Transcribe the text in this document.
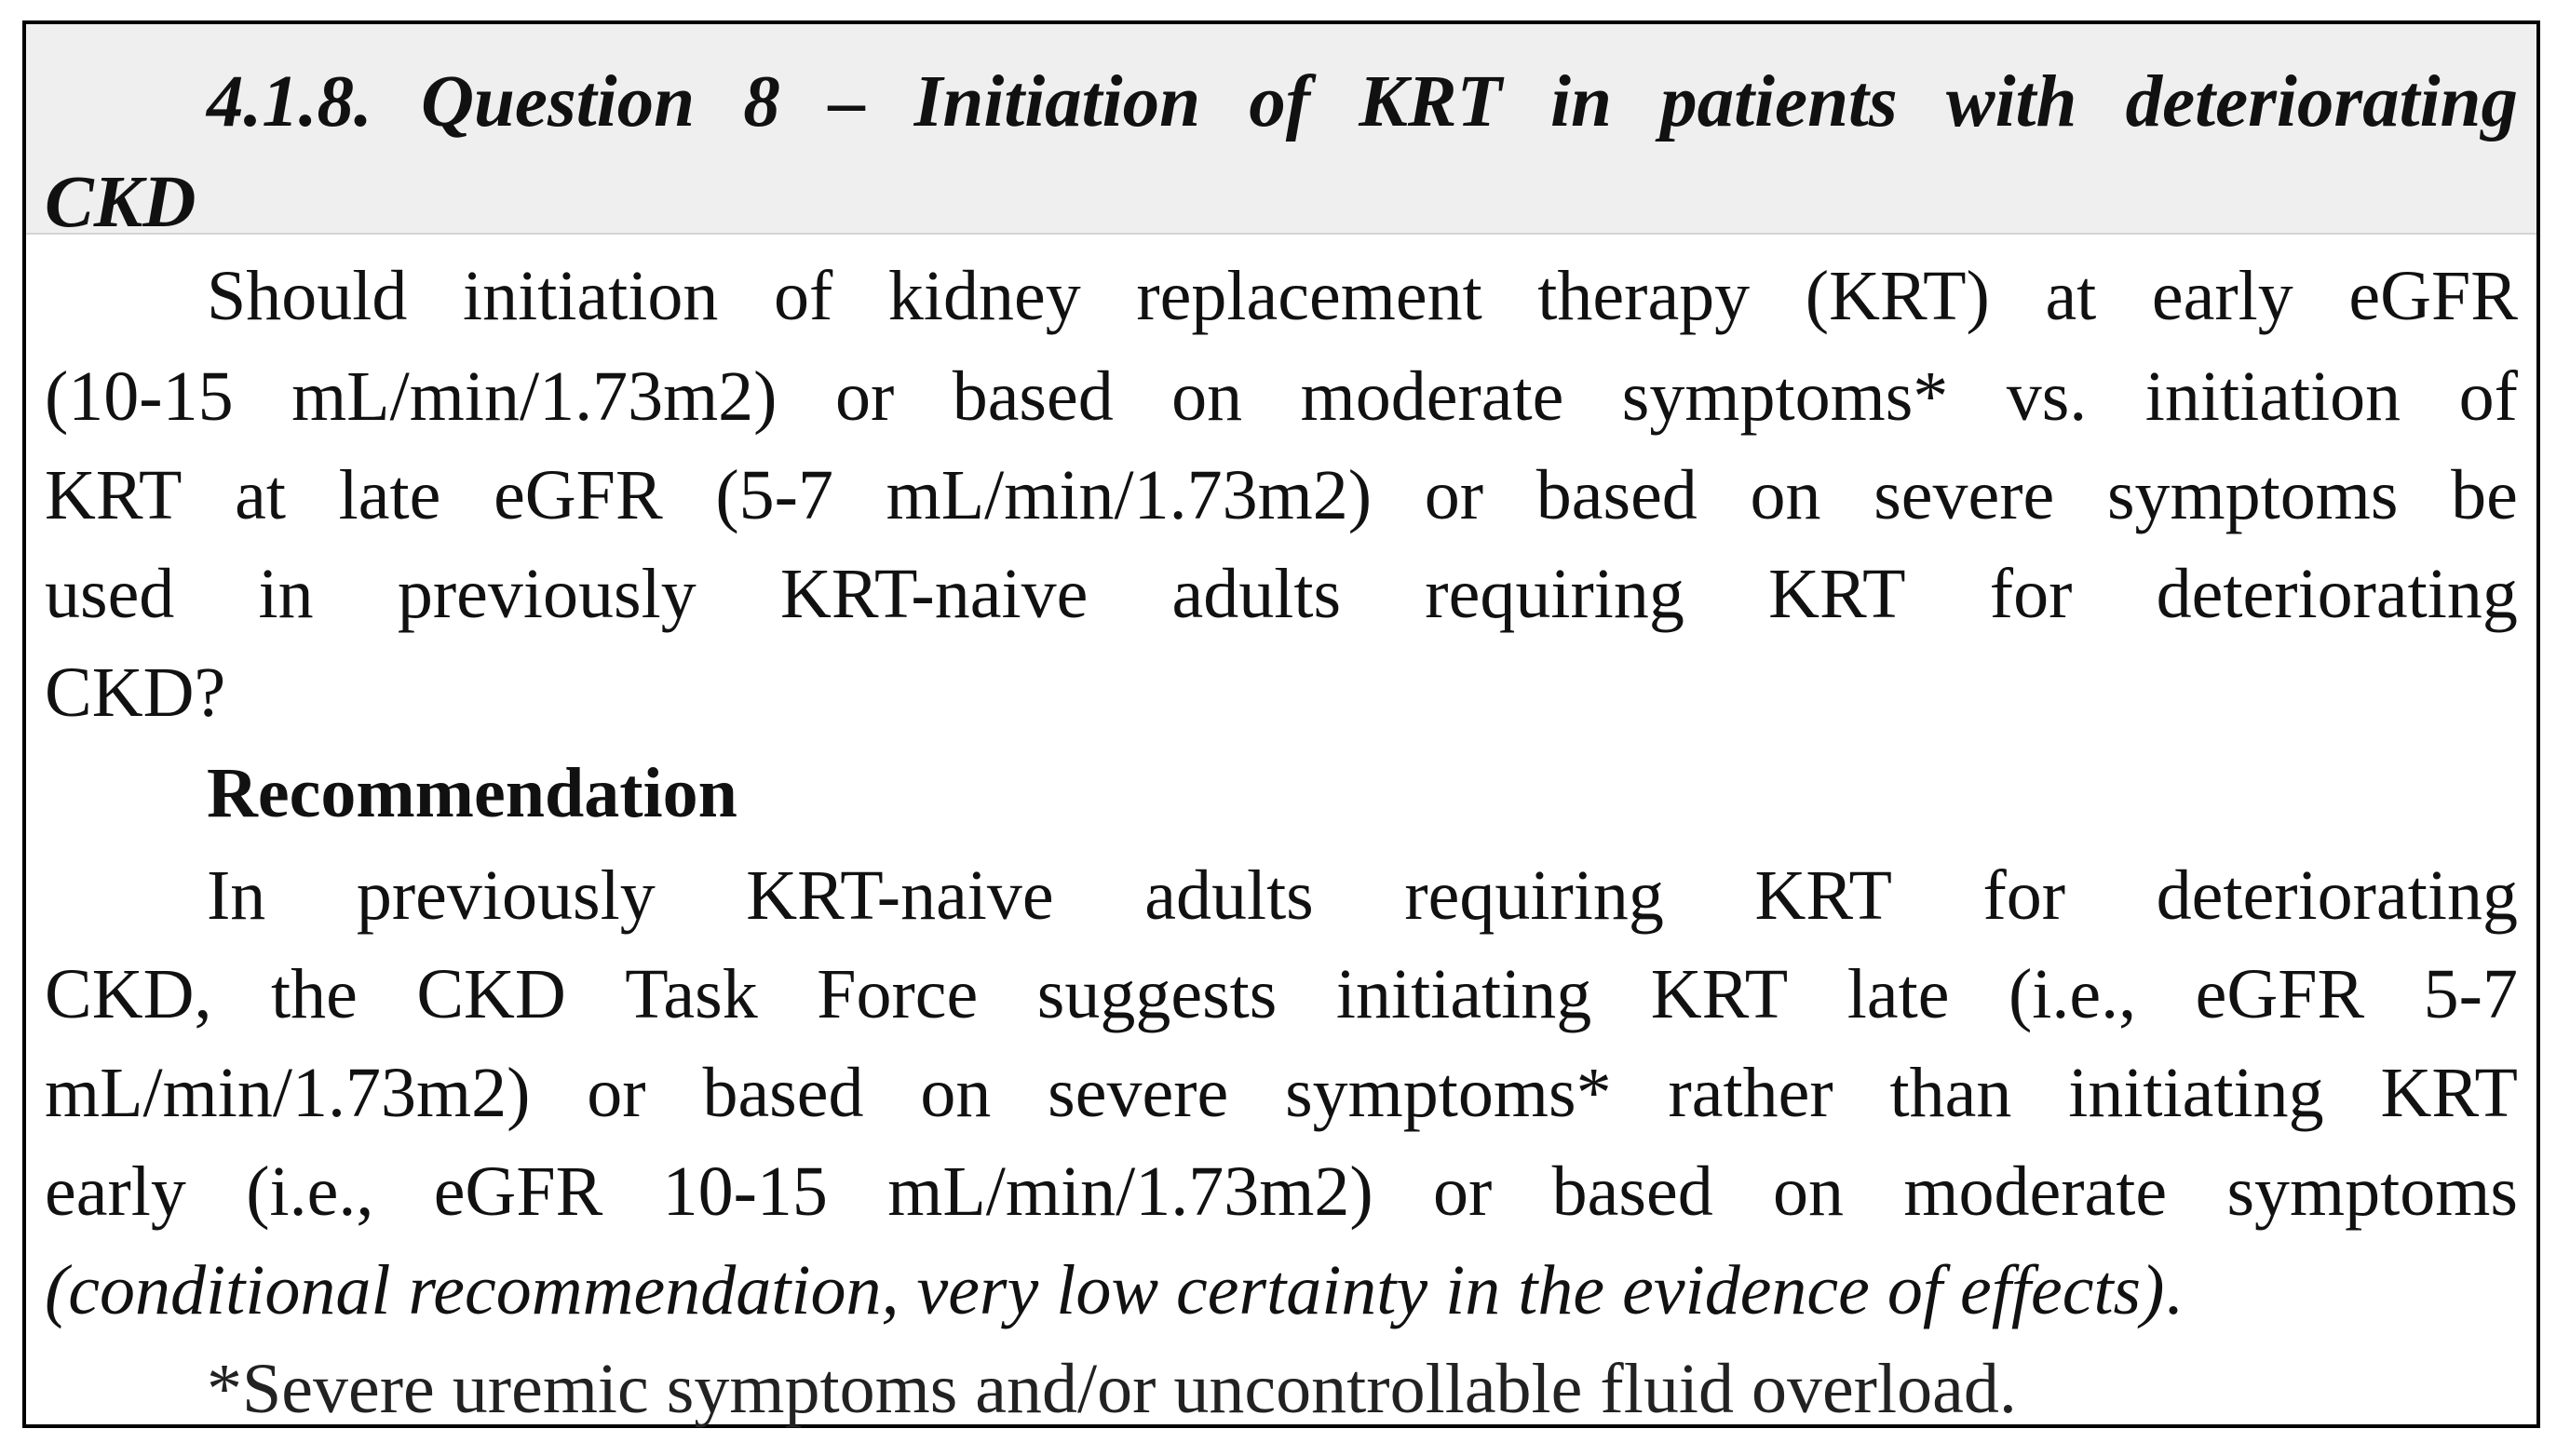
4.1.8. Question 8 – Initiation of KRT in patients with deteriorating
CKD
Should initiation of kidney replacement therapy (KRT) at early eGFR
(10-15 mL/min/1.73m2) or based on moderate symptoms* vs. initiation of
KRT at late eGFR (5-7 mL/min/1.73m2) or based on severe symptoms be
used in previously KRT-naive adults requiring KRT for deteriorating
CKD?
Recommendation
In previously KRT-naive adults requiring KRT for deteriorating
CKD, the CKD Task Force suggests initiating KRT late (i.e., eGFR 5-7
mL/min/1.73m2) or based on severe symptoms* rather than initiating KRT
early (i.e., eGFR 10-15 mL/min/1.73m2) or based on moderate symptoms
(conditional recommendation, very low certainty in the evidence of effects).
*Severe uremic symptoms and/or uncontrollable fluid overload.
